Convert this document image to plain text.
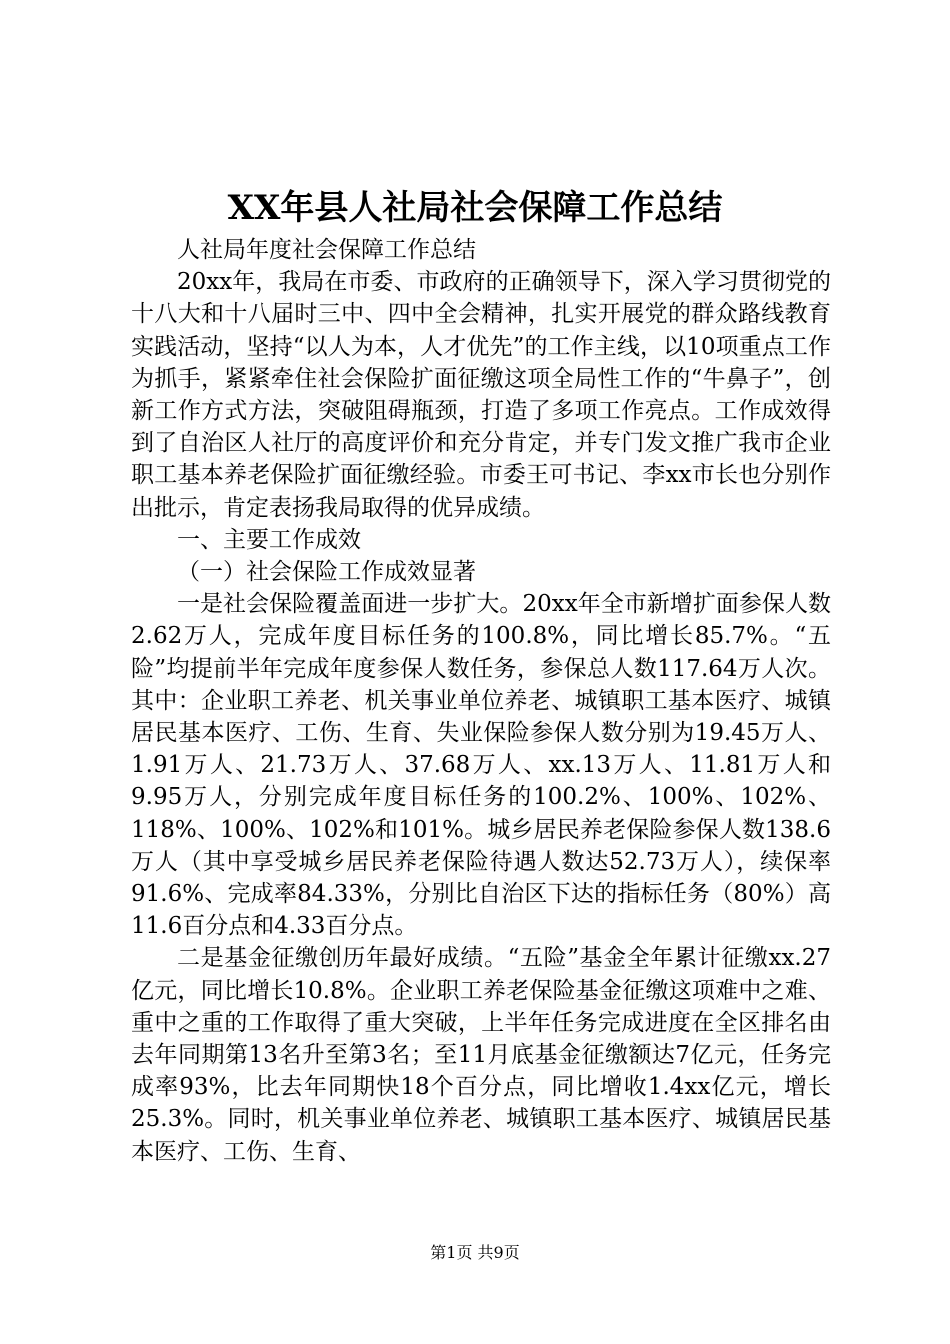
XX年县人社局社会保障工作总结

人社局年度社会保障工作总结

20xx年，我局在市委、市政府的正确领导下，深入学习贯彻党的十八大和十八届时三中、四中全会精神，扎实开展党的群众路线教育实践活动，坚持“以人为本，人才优先”的工作主线，以10项重点工作为抓手，紧紧牵住社会保险扩面征缴这项全局性工作的“牛鼻子”，创新工作方式方法，突破阻碍瓶颈，打造了多项工作亮点。工作成效得到了自治区人社厅的高度评价和充分肯定，并专门发文推广我市企业职工基本养老保险扩面征缴经验。市委王可书记、李xx市长也分别作出批示，肯定表扬我局取得的优异成绩。

一、主要工作成效

（一）社会保险工作成效显著

一是社会保险覆盖面进一步扩大。20xx年全市新增扩面参保人数2.62万人，完成年度目标任务的100.8%，同比增长85.7%。“五险”均提前半年完成年度参保人数任务，参保总人数117.64万人次。其中：企业职工养老、机关事业单位养老、城镇职工基本医疗、城镇居民基本医疗、工伤、生育、失业保险参保人数分别为19.45万人、1.91万人、21.73万人、37.68万人、xx.13万人、11.81万人和9.95万人，分别完成年度目标任务的100.2%、100%、102%、118%、100%、102%和101%。城乡居民养老保险参保人数138.6万人（其中享受城乡居民养老保险待遇人数达52.73万人），续保率91.6%、完成率84.33%，分别比自治区下达的指标任务（80%）高11.6百分点和4.33百分点。

二是基金征缴创历年最好成绩。“五险”基金全年累计征缴xx.27亿元，同比增长10.8%。企业职工养老保险基金征缴这项难中之难、重中之重的工作取得了重大突破，上半年任务完成进度在全区排名由去年同期第13名升至第3名；至11月底基金征缴额达7亿元，任务完成率93%，比去年同期快18个百分点，同比增收1.4xx亿元，增长25.3%。同时，机关事业单位养老、城镇职工基本医疗、城镇居民基本医疗、工伤、生育、

第1页 共9页
